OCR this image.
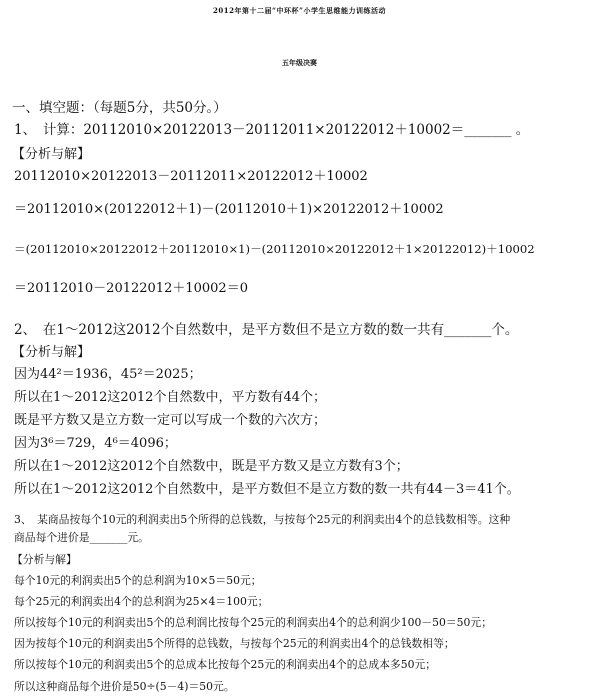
2012年第十二届“中环杯”小学生思维能力训练活动
五年级决赛
一、填空题：（每题5分，共50分。）
1、　计算：20112010×20122013－20112011×20122012＋10002＝_______ 。
【分析与解】
20112010×20122013－20112011×20122012＋10002
＝20112010×(20122012＋1)－(20112010＋1)×20122012＋10002
＝(20112010×20122012＋20112010×1)－(20112010×20122012＋1×20122012)＋10002
＝20112010－20122012＋10002＝0
2、　在1～2012这2012个自然数中，是平方数但不是立方数的数一共有_______个。
【分析与解】
因为44²＝1936，45²＝2025；
所以在1～2012这2012个自然数中，平方数有44个；
既是平方数又是立方数一定可以写成一个数的六次方；
因为3⁶＝729，4⁶＝4096；
所以在1～2012这2012个自然数中，既是平方数又是立方数有3个；
所以在1～2012这2012个自然数中，是平方数但不是立方数的数一共有44－3＝41个。
3、　某商品按每个10元的利润卖出5个所得的总钱数，与按每个25元的利润卖出4个的总钱数相等。这种
商品每个进价是_______元。
【分析与解】
每个10元的利润卖出5个的总利润为10×5＝50元；
每个25元的利润卖出4个的总利润为25×4＝100元；
所以按每个10元的利润卖出5个的总利润比按每个25元的利润卖出4个的总利润少100－50＝50元；
因为按每个10元的利润卖出5个所得的总钱数，与按每个25元的利润卖出4个的总钱数相等；
所以按每个10元的利润卖出5个的总成本比按每个25元的利润卖出4个的总成本多50元；
所以这种商品每个进价是50÷(5－4)＝50元。
